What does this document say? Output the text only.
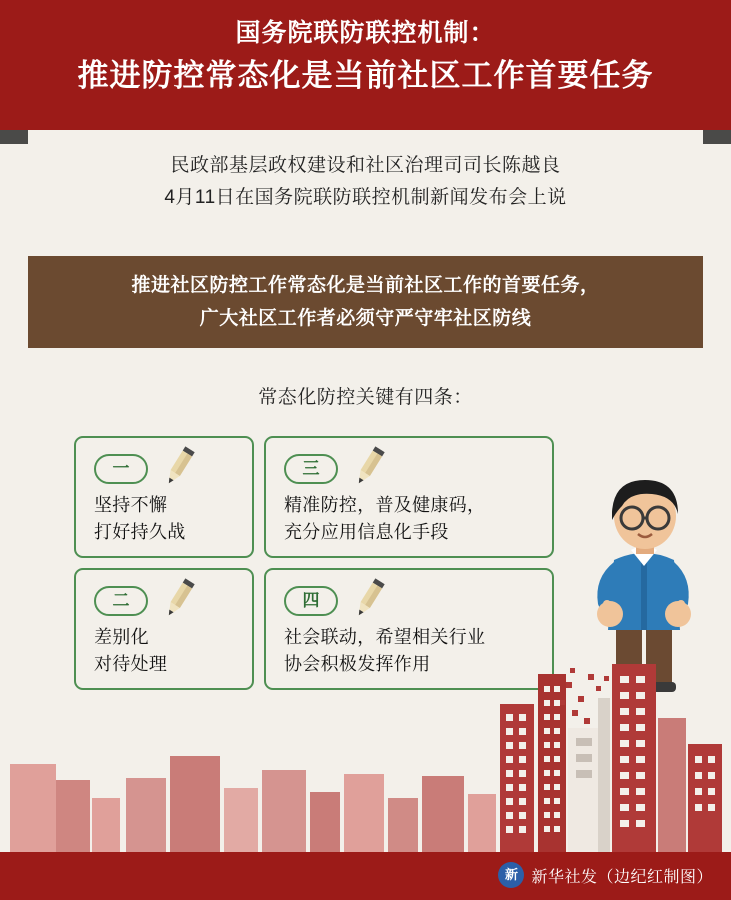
国务院联防联控机制：
推进防控常态化是当前社区工作首要任务
民政部基层政权建设和社区治理司司长陈越良
4月11日在国务院联防联控机制新闻发布会上说
推进社区防控工作常态化是当前社区工作的首要任务，
广大社区工作者必须守严守牢社区防线
常态化防控关键有四条：
一
坚持不懈
打好持久战
二
差别化
对待处理
三
精准防控，普及健康码，
充分应用信息化手段
四
社会联动，希望相关行业
协会积极发挥作用
新 新华社发（边纪红制图）
